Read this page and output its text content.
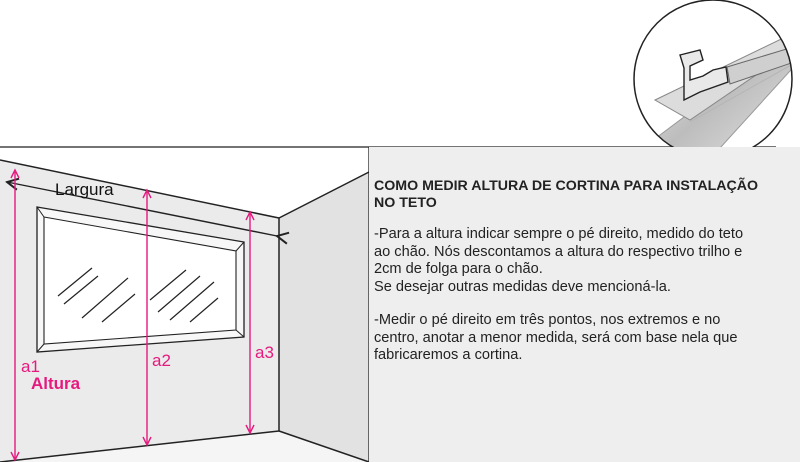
Largura
a1	a2	a3
Altura
COMO MEDIR ALTURA DE CORTINA PARA INSTALAÇÃO NO TETO

-Para a altura indicar sempre o pé direito, medido do teto
ao chão. Nós descontamos a altura do respectivo trilho e
2cm de folga para o chão.
Se desejar outras medidas deve mencioná-la.

-Medir o pé direito em três pontos, nos extremos e no
centro, anotar a menor medida, será com base nela que
fabricaremos a cortina.
